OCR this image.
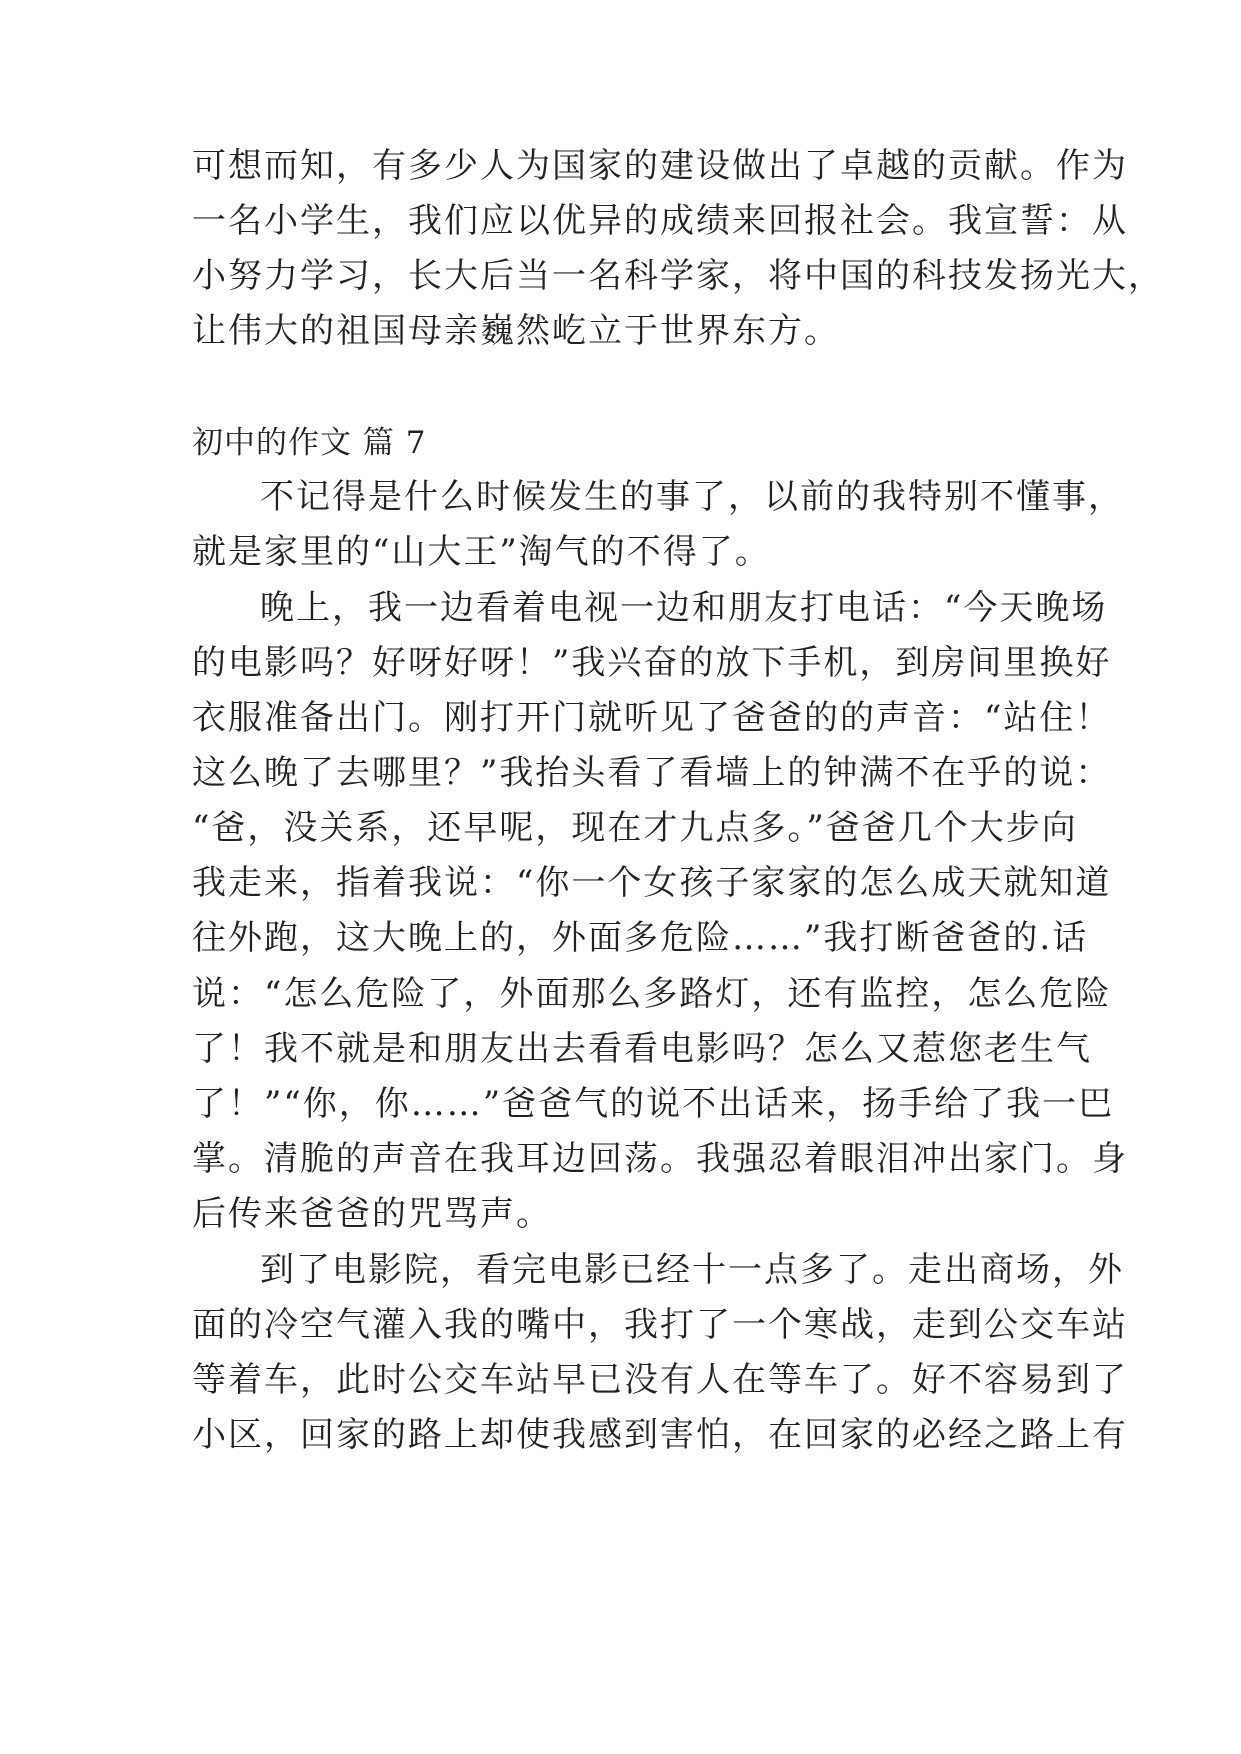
可想而知，有多少人为国家的建设做出了卓越的贡献。作为
一名小学生，我们应以优异的成绩来回报社会。我宣誓：从
小努力学习，长大后当一名科学家，将中国的科技发扬光大，
让伟大的祖国母亲巍然屹立于世界东方。
初中的作文 篇 7
不记得是什么时候发生的事了，以前的我特别不懂事，
就是家里的“山大王”淘气的不得了。
晚上，我一边看着电视一边和朋友打电话：“今天晚场
的电影吗？好呀好呀！”我兴奋的放下手机，到房间里换好
衣服准备出门。刚打开门就听见了爸爸的的声音：“站住！
这么晚了去哪里？”我抬头看了看墙上的钟满不在乎的说：
“爸，没关系，还早呢，现在才九点多。”爸爸几个大步向
我走来，指着我说：“你一个女孩子家家的怎么成天就知道
往外跑，这大晚上的，外面多危险……”我打断爸爸的.话
说：“怎么危险了，外面那么多路灯，还有监控，怎么危险
了！我不就是和朋友出去看看电影吗？怎么又惹您老生气
了！”“你，你……”爸爸气的说不出话来，扬手给了我一巴
掌。清脆的声音在我耳边回荡。我强忍着眼泪冲出家门。身
后传来爸爸的咒骂声。
到了电影院，看完电影已经十一点多了。走出商场，外
面的冷空气灌入我的嘴中，我打了一个寒战，走到公交车站
等着车，此时公交车站早已没有人在等车了。好不容易到了
小区，回家的路上却使我感到害怕，在回家的必经之路上有
